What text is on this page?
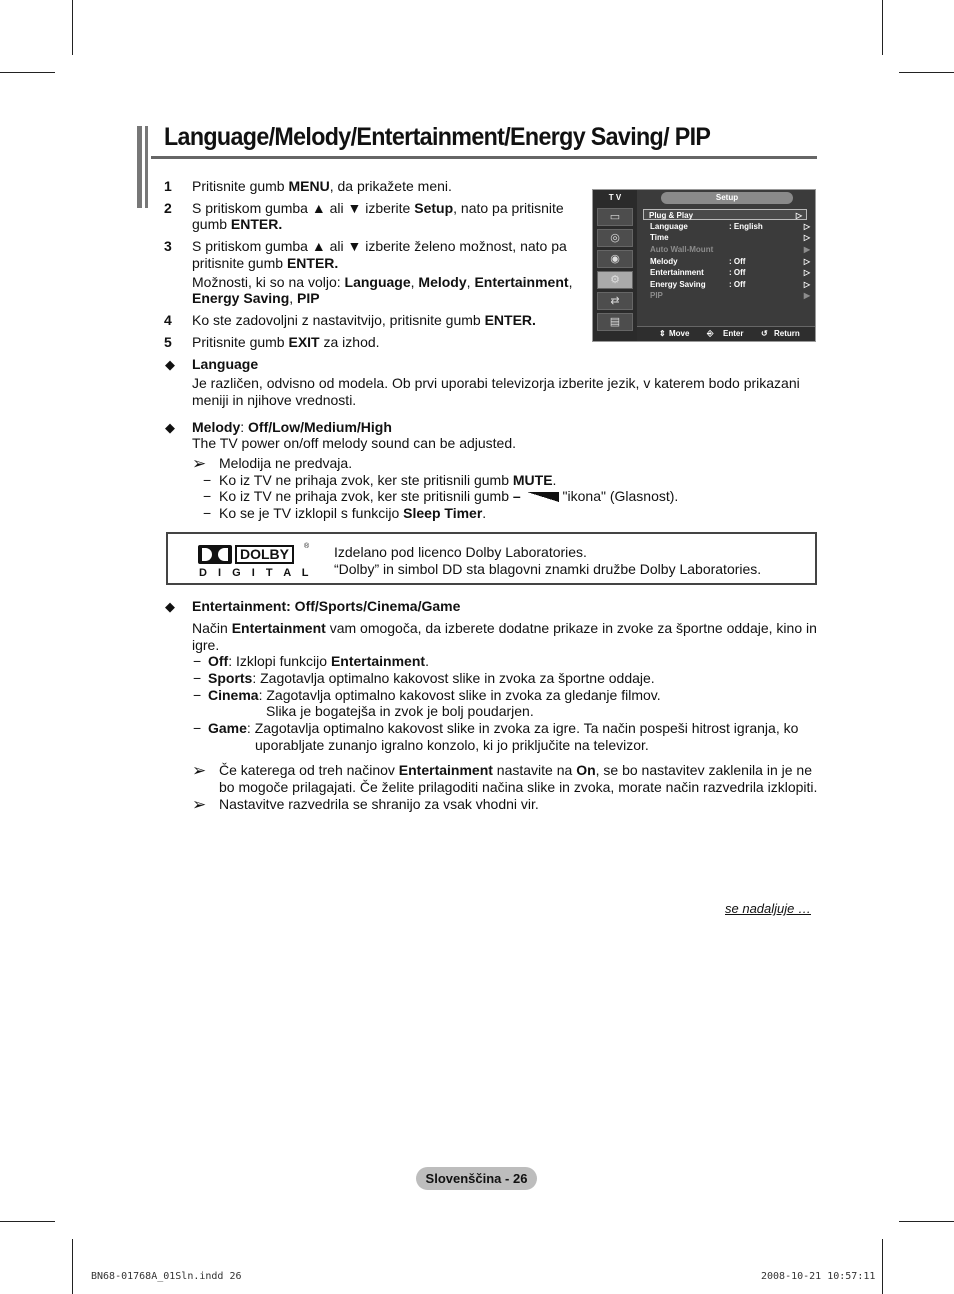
Language/Melody/Entertainment/Energy Saving/ PIP
1 Pritisnite gumb MENU, da prikažete meni.
2 S pritiskom gumba ▲ ali ▼ izberite Setup, nato pa pritisnite
gumb ENTER.
3 S pritiskom gumba ▲ ali ▼ izberite želeno možnost, nato pa
pritisnite gumb ENTER.
Možnosti, ki so na voljo: Language, Melody, Entertainment,
Energy Saving, PIP
4 Ko ste zadovoljni z nastavitvijo, pritisnite gumb ENTER.
5 Pritisnite gumb EXIT za izhod.
T V	Setup
▭
◎
◉
⚙
⇄
▤
Plug & Play	▷
Language	: English	▷
Time	▷
Auto Wall-Mount	▶
Melody	: Off	▷
Entertainment	: Off	▷
Energy Saving	: Off	▷
PIP	▶
⇕ Move ⎆ Enter ↺ Return
◆ Language
Je različen, odvisno od modela. Ob prvi uporabi televizorja izberite jezik, v katerem bodo prikazani
meniji in njihove vrednosti.
◆ Melody: Off/Low/Medium/High
The TV power on/off melody sound can be adjusted.
➢ Melodija ne predvaja.
− Ko iz TV ne prihaja zvok, ker ste pritisnili gumb MUTE.
− Ko iz TV ne prihaja zvok, ker ste pritisnili gumb –	"ikona" (Glasnost).
− Ko se je TV izklopil s funkcijo Sleep Timer.
DOLBY	®
D I G I T A L
Izdelano pod licenco Dolby Laboratories.
“Dolby” in simbol DD sta blagovni znamki družbe Dolby Laboratories.
◆ Entertainment: Off/Sports/Cinema/Game
Način Entertainment vam omogoča, da izberete dodatne prikaze in zvoke za športne oddaje, kino in
igre.
− Off: Izklopi funkcijo Entertainment.
− Sports: Zagotavlja optimalno kakovost slike in zvoka za športne oddaje.
− Cinema: Zagotavlja optimalno kakovost slike in zvoka za gledanje filmov.
Slika je bogatejša in zvok je bolj poudarjen.
− Game: Zagotavlja optimalno kakovost slike in zvoka za igre. Ta način pospeši hitrost igranja, ko
uporabljate zunanjo igralno konzolo, ki jo priključite na televizor.
➢ Če katerega od treh načinov Entertainment nastavite na On, se bo nastavitev zaklenila in je ne
bo mogoče prilagajati. Če želite prilagoditi načina slike in zvoka, morate način razvedrila izklopiti.
➢ Nastavitve razvedrila se shranijo za vsak vhodni vir.
se nadaljuje …
Slovenščina - 26
BN68-01768A_01Sln.indd 26	2008-10-21 10:57:11
